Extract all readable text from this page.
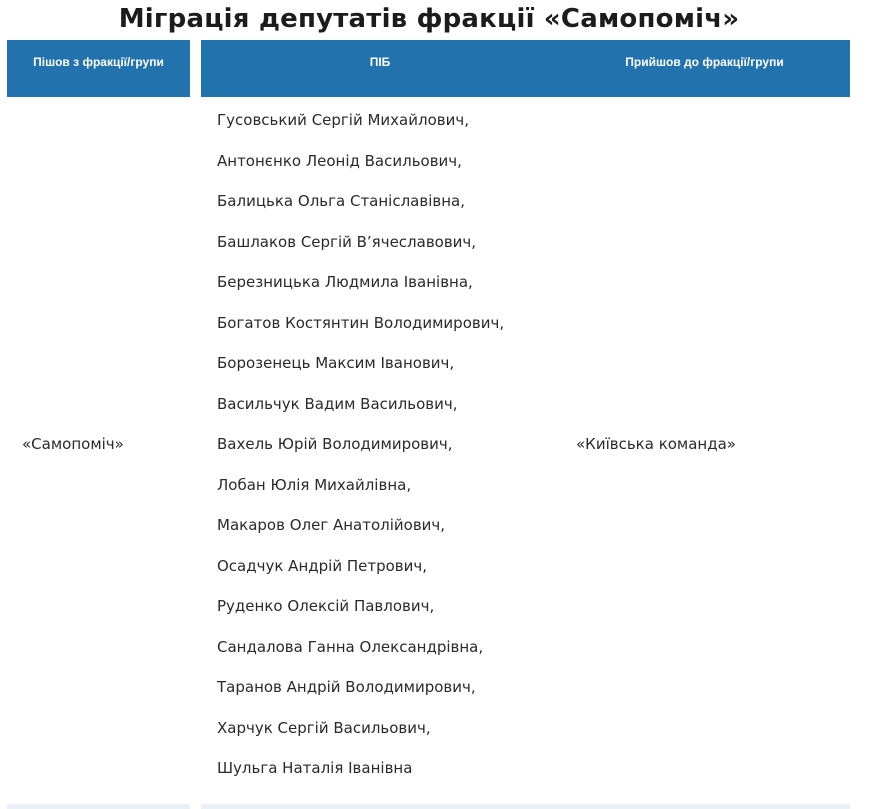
Міграція депутатів фракції «Самопоміч»
Пішов з фракції/групи	ПІБ	Прийшов до фракції/групи
«Самопоміч»
Гусовський Сергій Михайлович,
Антонєнко Леонід Васильович,
Балицька Ольга Станіславівна,
Башлаков Сергій В’ячеславович,
Березницька Людмила Іванівна,
Богатов Костянтин Володимирович,
Борозенець Максим Іванович,
Васильчук Вадим Васильович,
Вахель Юрій Володимирович,
Лобан Юлія Михайлівна,
Макаров Олег Анатолійович,
Осадчук Андрій Петрович,
Руденко Олексій Павлович,
Сандалова Ганна Олександрівна,
Таранов Андрій Володимирович,
Харчук Сергій Васильович,
Шульга Наталія Іванівна
«Київська команда»
